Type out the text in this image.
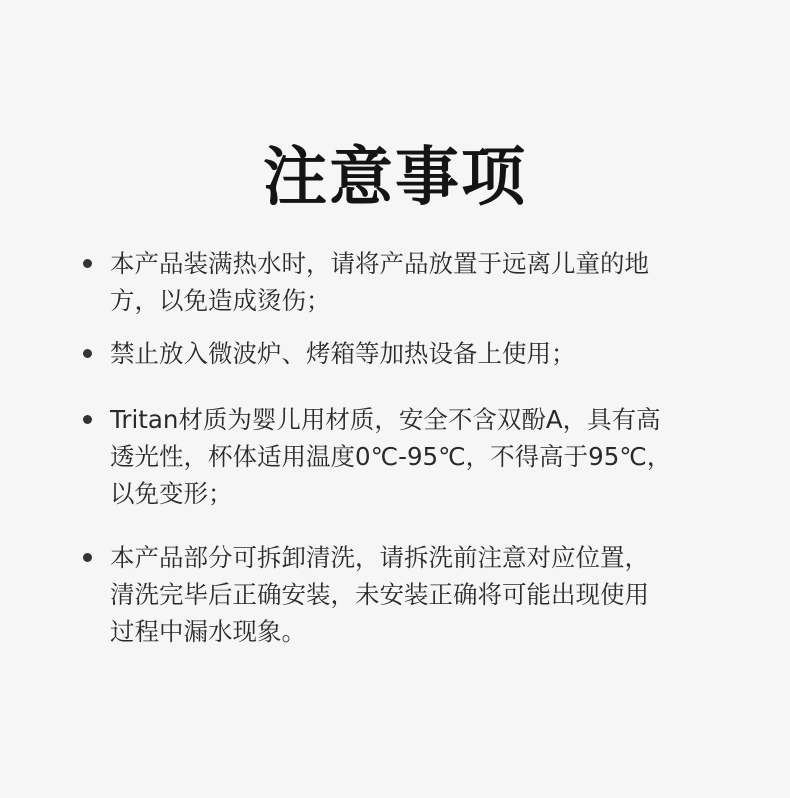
注意事项
本产品装满热水时，请将产品放置于远离儿童的地
方，以免造成烫伤；
禁止放入微波炉、烤箱等加热设备上使用；
Tritan材质为婴儿用材质，安全不含双酚A，具有高
透光性，杯体适用温度0℃-95℃，不得高于95℃，
以免变形；
本产品部分可拆卸清洗，请拆洗前注意对应位置，
清洗完毕后正确安装，未安装正确将可能出现使用
过程中漏水现象。
